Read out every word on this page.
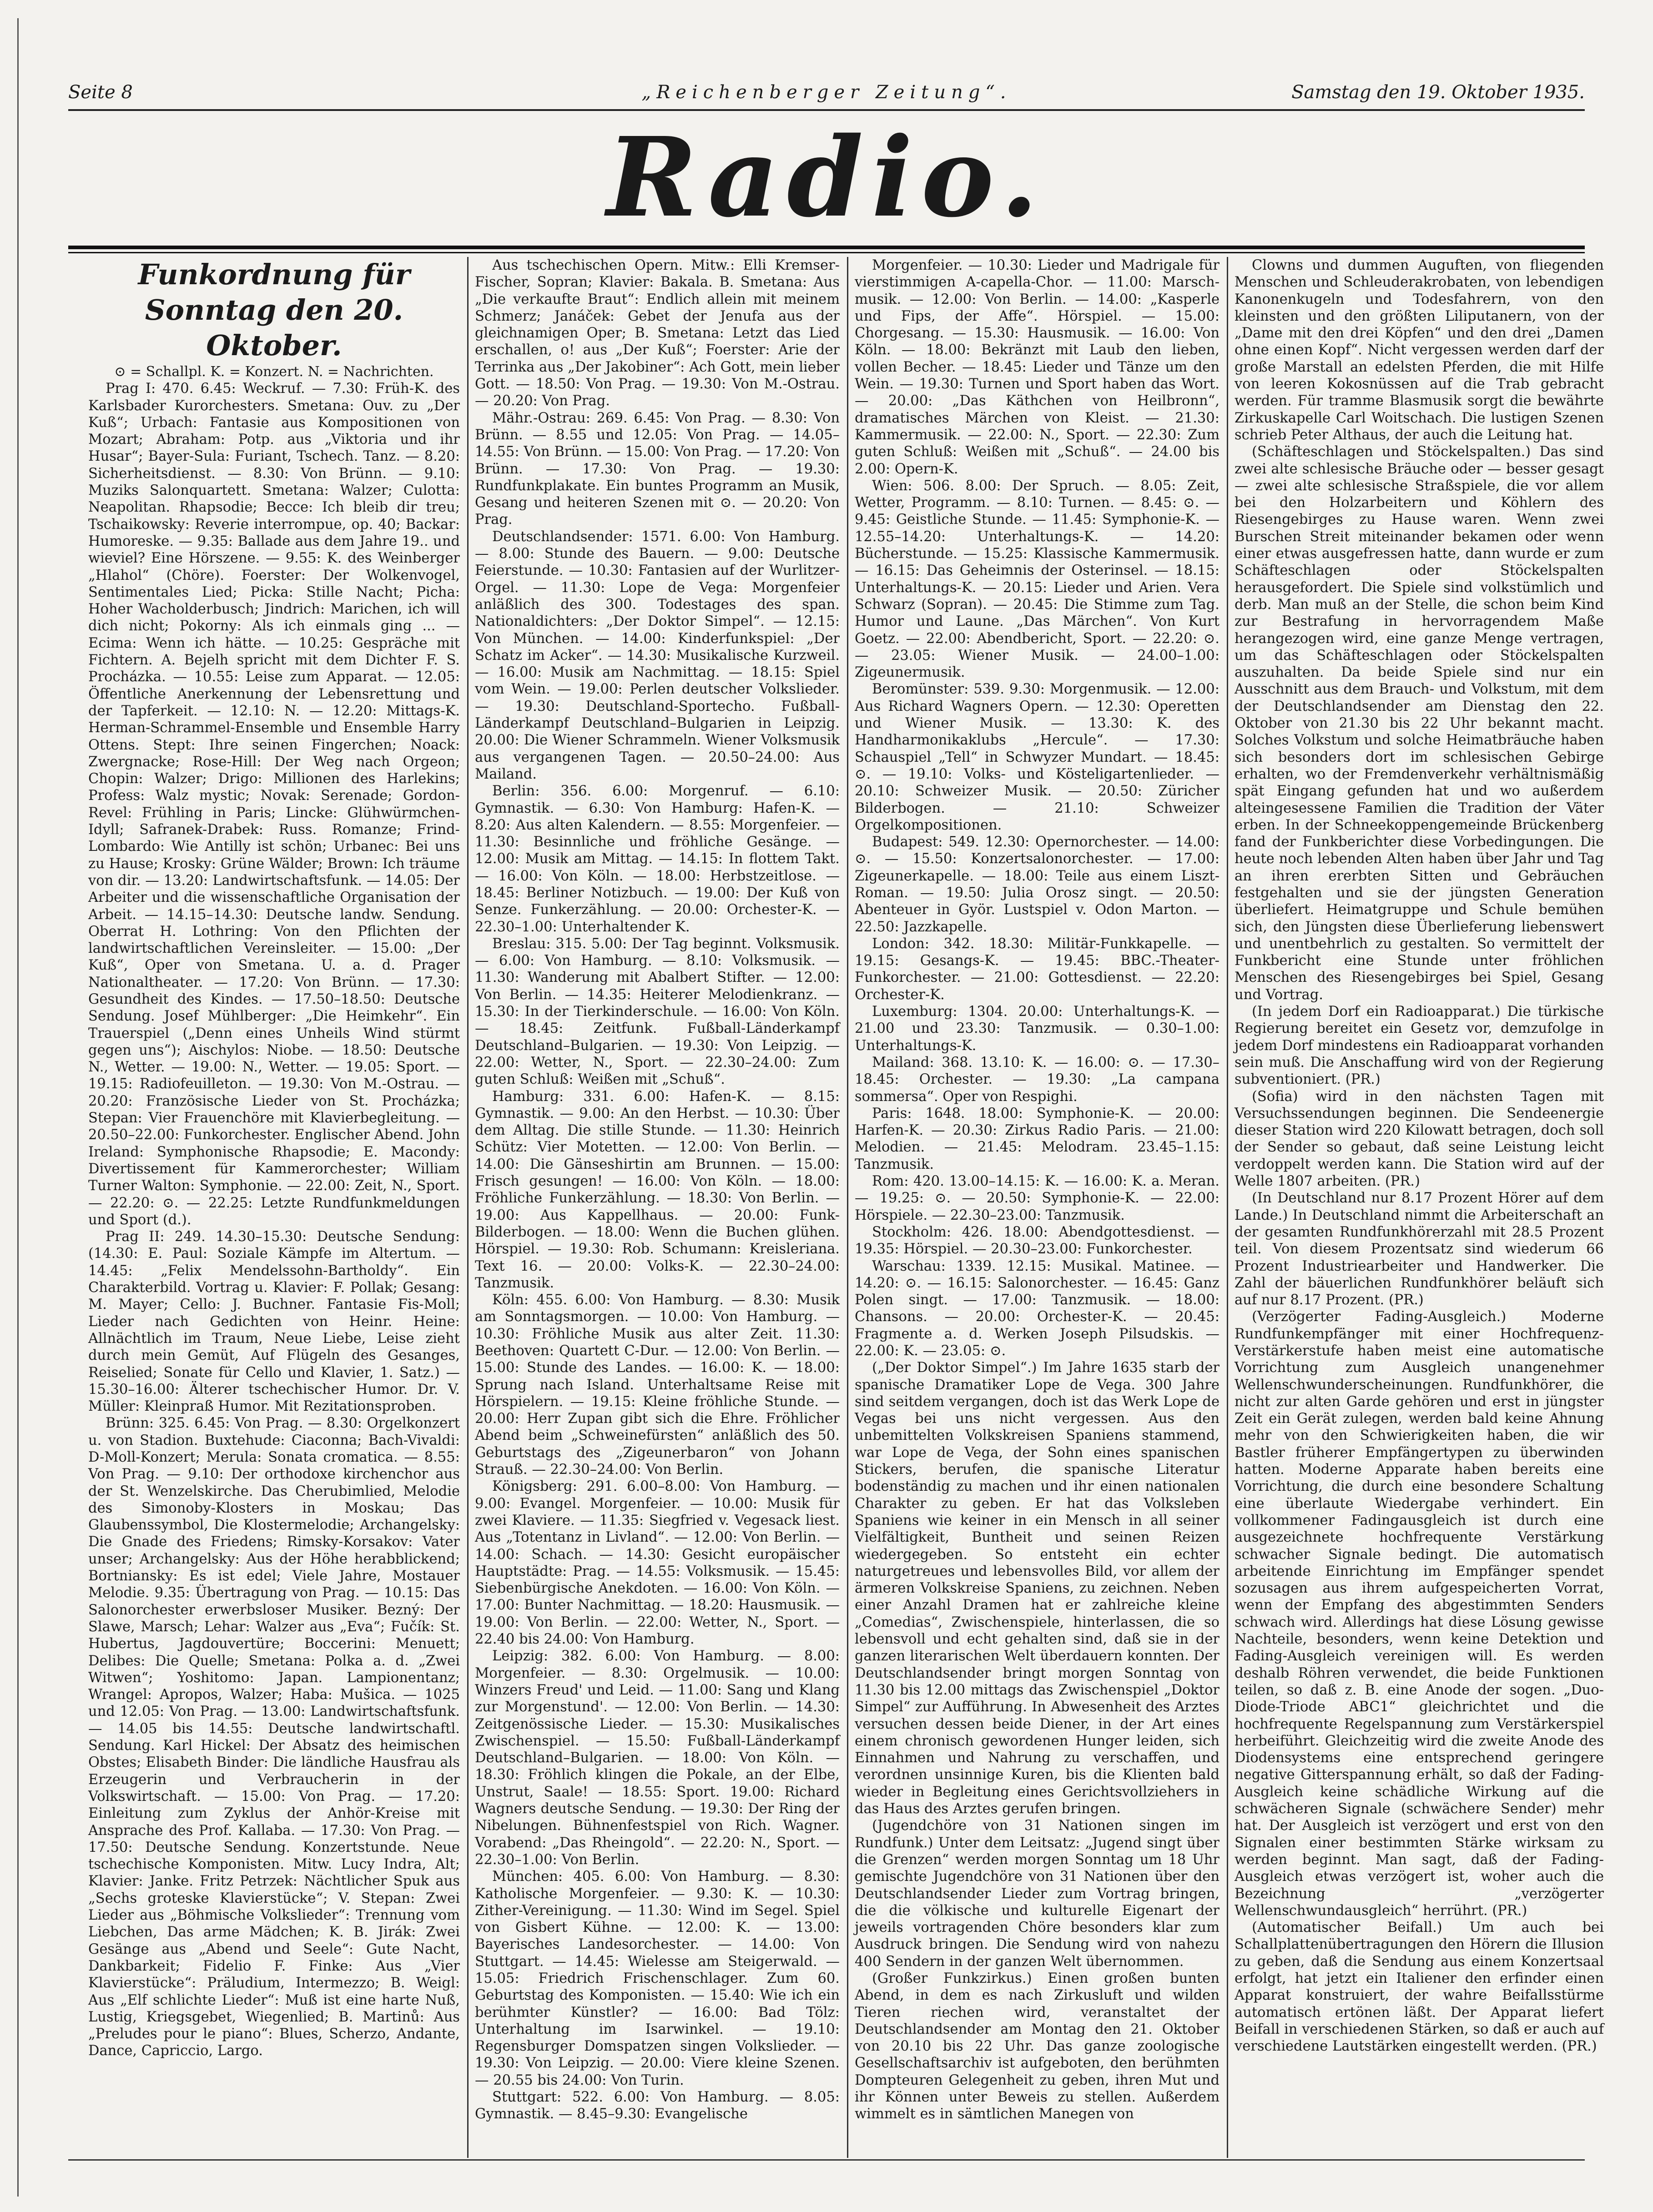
Seite 8	„Reichenberger Zeitung“.	Samstag den 19. Oktober 1935.
Radio.

Funkordnung für Sonntag den 20. Oktober.

⊙ = Schallpl. K. = Konzert. N. = Nachrichten.

Prag I: 470. 6.45: Weckruf. — 7.30: Früh-K. des Karlsbader Kurorchesters. Smetana: Ouv. zu „Der Kuß“; Urbach: Fantasie aus Kompositionen von Mozart; Abraham: Potp. aus „Viktoria und ihr Husar“; Bayer-Sula: Furiant, Tschech. Tanz. — 8.20: Sicherheitsdienst. — 8.30: Von Brünn. — 9.10: Muziks Salonquartett. Smetana: Walzer; Culotta: Neapolitan. Rhapsodie; Becce: Ich bleib dir treu; Tschaikowsky: Reverie interrompue, op. 40; Backar: Humoreske. — 9.35: Ballade aus dem Jahre 19.. und wieviel? Eine Hörszene. — 9.55: K. des Weinberger „Hlahol“ (Chöre). Foerster: Der Wolkenvogel, Sentimentales Lied; Picka: Stille Nacht; Picha: Hoher Wacholderbusch; Jindrich: Marichen, ich will dich nicht; Pokorny: Als ich einmals ging ... — Ecima: Wenn ich hätte. — 10.25: Gespräche mit Fichtern. A. Bejelh spricht mit dem Dichter F. S. Procházka. — 10.55: Leise zum Apparat. — 12.05: Öffentliche Anerkennung der Lebensrettung und der Tapferkeit. — 12.10: N. — 12.20: Mittags-K. Herman-Schrammel-Ensemble und Ensemble Harry Ottens. Stept: Ihre seinen Fingerchen; Noack: Zwergnacke; Rose-Hill: Der Weg nach Orgeon; Chopin: Walzer; Drigo: Millionen des Harlekins; Profess: Walz mystic; Novak: Serenade; Gordon-Revel: Frühling in Paris; Lincke: Glühwürmchen-Idyll; Safranek-Drabek: Russ. Romanze; Frind-Lombardo: Wie Antilly ist schön; Urbanec: Bei uns zu Hause; Krosky: Grüne Wälder; Brown: Ich träume von dir. — 13.20: Landwirtschaftsfunk. — 14.05: Der Arbeiter und die wissenschaftliche Organisation der Arbeit. — 14.15–14.30: Deutsche landw. Sendung. Oberrat H. Lothring: Von den Pflichten der landwirtschaftlichen Vereinsleiter. — 15.00: „Der Kuß“, Oper von Smetana. U. a. d. Prager Nationaltheater. — 17.20: Von Brünn. — 17.30: Gesundheit des Kindes. — 17.50–18.50: Deutsche Sendung. Josef Mühlberger: „Die Heimkehr“. Ein Trauerspiel („Denn eines Unheils Wind stürmt gegen uns“); Aischylos: Niobe. — 18.50: Deutsche N., Wetter. — 19.00: N., Wetter. — 19.05: Sport. — 19.15: Radiofeuilleton. — 19.30: Von M.-Ostrau. — 20.20: Französische Lieder von St. Procházka; Stepan: Vier Frauenchöre mit Klavierbegleitung. — 20.50–22.00: Funkorchester. Englischer Abend. John Ireland: Symphonische Rhapsodie; E. Macondy: Divertissement für Kammerorchester; William Turner Walton: Symphonie. — 22.00: Zeit, N., Sport. — 22.20: ⊙. — 22.25: Letzte Rundfunkmeldungen und Sport (d.).

Prag II: 249. 14.30–15.30: Deutsche Sendung: (14.30: E. Paul: Soziale Kämpfe im Altertum. — 14.45: „Felix Mendelssohn-Bartholdy“. Ein Charakterbild. Vortrag u. Klavier: F. Pollak; Gesang: M. Mayer; Cello: J. Buchner. Fantasie Fis-Moll; Lieder nach Gedichten von Heinr. Heine: Allnächtlich im Traum, Neue Liebe, Leise zieht durch mein Gemüt, Auf Flügeln des Gesanges, Reiselied; Sonate für Cello und Klavier, 1. Satz.) — 15.30–16.00: Älterer tschechischer Humor. Dr. V. Müller: Kleinpraß Humor. Mit Rezitationsproben.

Brünn: 325. 6.45: Von Prag. — 8.30: Orgelkonzert u. von Stadion. Buxtehude: Ciaconna; Bach-Vivaldi: D-Moll-Konzert; Merula: Sonata cromatica. — 8.55: Von Prag. — 9.10: Der orthodoxe kirchenchor aus der St. Wenzelskirche. Das Cherubimlied, Melodie des Simonoby-Klosters in Moskau; Das Glaubenssymbol, Die Klostermelodie; Archangelsky: Die Gnade des Friedens; Rimsky-Korsakov: Vater unser; Archangelsky: Aus der Höhe herabblickend; Bortniansky: Es ist edel; Viele Jahre, Mostauer Melodie. 9.35: Übertragung von Prag. — 10.15: Das Salonorchester erwerbsloser Musiker. Bezný: Der Slawe, Marsch; Lehar: Walzer aus „Eva“; Fučík: St. Hubertus, Jagdouvertüre; Boccerini: Menuett; Delibes: Die Quelle; Smetana: Polka a. d. „Zwei Witwen“; Yoshitomo: Japan. Lampionentanz; Wrangel: Apropos, Walzer; Haba: Mušica. — 1025 und 12.05: Von Prag. — 13.00: Landwirtschaftsfunk. — 14.05 bis 14.55: Deutsche landwirtschaftl. Sendung. Karl Hickel: Der Absatz des heimischen Obstes; Elisabeth Binder: Die ländliche Hausfrau als Erzeugerin und Verbraucherin in der Volkswirtschaft. — 15.00: Von Prag. — 17.20: Einleitung zum Zyklus der Anhör-Kreise mit Ansprache des Prof. Kallaba. — 17.30: Von Prag. — 17.50: Deutsche Sendung. Konzertstunde. Neue tschechische Komponisten. Mitw. Lucy Indra, Alt; Klavier: Janke. Fritz Petrzek: Nächtlicher Spuk aus „Sechs groteske Klavierstücke“; V. Stepan: Zwei Lieder aus „Böhmische Volkslieder“: Trennung vom Liebchen, Das arme Mädchen; K. B. Jirák: Zwei Gesänge aus „Abend und Seele“: Gute Nacht, Dankbarkeit; Fidelio F. Finke: Aus „Vier Klavierstücke“: Präludium, Intermezzo; B. Weigl: Aus „Elf schlichte Lieder“: Muß ist eine harte Nuß, Lustig, Kriegsgebet, Wiegenlied; B. Martinů: Aus „Preludes pour le piano“: Blues, Scherzo, Andante, Dance, Capriccio, Largo.

Aus tschechischen Opern. Mitw.: Elli Kremser-Fischer, Sopran; Klavier: Bakala. B. Smetana: Aus „Die verkaufte Braut“: Endlich allein mit meinem Schmerz; Janáček: Gebet der Jenufa aus der gleichnamigen Oper; B. Smetana: Letzt das Lied erschallen, o! aus „Der Kuß“; Foerster: Arie der Terrinka aus „Der Jakobiner“: Ach Gott, mein lieber Gott. — 18.50: Von Prag. — 19.30: Von M.-Ostrau. — 20.20: Von Prag.

Mähr.-Ostrau: 269. 6.45: Von Prag. — 8.30: Von Brünn. — 8.55 und 12.05: Von Prag. — 14.05–14.55: Von Brünn. — 15.00: Von Prag. — 17.20: Von Brünn. — 17.30: Von Prag. — 19.30: Rundfunkplakate. Ein buntes Programm an Musik, Gesang und heiteren Szenen mit ⊙. — 20.20: Von Prag.

Deutschlandsender: 1571. 6.00: Von Hamburg. — 8.00: Stunde des Bauern. — 9.00: Deutsche Feierstunde. — 10.30: Fantasien auf der Wurlitzer-Orgel. — 11.30: Lope de Vega: Morgenfeier anläßlich des 300. Todestages des span. Nationaldichters: „Der Doktor Simpel“. — 12.15: Von München. — 14.00: Kinderfunkspiel: „Der Schatz im Acker“. — 14.30: Musikalische Kurzweil. — 16.00: Musik am Nachmittag. — 18.15: Spiel vom Wein. — 19.00: Perlen deutscher Volkslieder. — 19.30: Deutschland-Sportecho. Fußball-Länderkampf Deutschland–Bulgarien in Leipzig. 20.00: Die Wiener Schrammeln. Wiener Volksmusik aus vergangenen Tagen. — 20.50–24.00: Aus Mailand.

Berlin: 356. 6.00: Morgenruf. — 6.10: Gymnastik. — 6.30: Von Hamburg: Hafen-K. — 8.20: Aus alten Kalendern. — 8.55: Morgenfeier. — 11.30: Besinnliche und fröhliche Gesänge. — 12.00: Musik am Mittag. — 14.15: In flottem Takt. — 16.00: Von Köln. — 18.00: Herbstzeitlose. — 18.45: Berliner Notizbuch. — 19.00: Der Kuß von Senze. Funkerzählung. — 20.00: Orchester-K. — 22.30–1.00: Unterhaltender K.

Breslau: 315. 5.00: Der Tag beginnt. Volksmusik. — 6.00: Von Hamburg. — 8.10: Volksmusik. — 11.30: Wanderung mit Abalbert Stifter. — 12.00: Von Berlin. — 14.35: Heiterer Melodienkranz. — 15.30: In der Tierkinderschule. — 16.00: Von Köln. — 18.45: Zeitfunk. Fußball-Länderkampf Deutschland–Bulgarien. — 19.30: Von Leipzig. — 22.00: Wetter, N., Sport. — 22.30–24.00: Zum guten Schluß: Weißen mit „Schuß“.

Hamburg: 331. 6.00: Hafen-K. — 8.15: Gymnastik. — 9.00: An den Herbst. — 10.30: Über dem Alltag. Die stille Stunde. — 11.30: Heinrich Schütz: Vier Motetten. — 12.00: Von Berlin. — 14.00: Die Gänseshirtin am Brunnen. — 15.00: Frisch gesungen! — 16.00: Von Köln. — 18.00: Fröhliche Funkerzählung. — 18.30: Von Berlin. — 19.00: Aus Kappellhaus. — 20.00: Funk-Bilderbogen. — 18.00: Wenn die Buchen glühen. Hörspiel. — 19.30: Rob. Schumann: Kreisleriana. Text 16. — 20.00: Volks-K. — 22.30–24.00: Tanzmusik.

Köln: 455. 6.00: Von Hamburg. — 8.30: Musik am Sonntagsmorgen. — 10.00: Von Hamburg. — 10.30: Fröhliche Musik aus alter Zeit. 11.30: Beethoven: Quartett C-Dur. — 12.00: Von Berlin. — 15.00: Stunde des Landes. — 16.00: K. — 18.00: Sprung nach Island. Unterhaltsame Reise mit Hörspielern. — 19.15: Kleine fröhliche Stunde. — 20.00: Herr Zupan gibt sich die Ehre. Fröhlicher Abend beim „Schweinefürsten“ anläßlich des 50. Geburtstags des „Zigeunerbaron“ von Johann Strauß. — 22.30–24.00: Von Berlin.

Königsberg: 291. 6.00–8.00: Von Hamburg. — 9.00: Evangel. Morgenfeier. — 10.00: Musik für zwei Klaviere. — 11.35: Siegfried v. Vegesack liest. Aus „Totentanz in Livland“. — 12.00: Von Berlin. — 14.00: Schach. — 14.30: Gesicht europäischer Hauptstädte: Prag. — 14.55: Volksmusik. — 15.45: Siebenbürgische Anekdoten. — 16.00: Von Köln. — 17.00: Bunter Nachmittag. — 18.20: Hausmusik. — 19.00: Von Berlin. — 22.00: Wetter, N., Sport. — 22.40 bis 24.00: Von Hamburg.

Leipzig: 382. 6.00: Von Hamburg. — 8.00: Morgenfeier. — 8.30: Orgelmusik. — 10.00: Winzers Freud' und Leid. — 11.00: Sang und Klang zur Morgenstund'. — 12.00: Von Berlin. — 14.30: Zeitgenössische Lieder. — 15.30: Musikalisches Zwischenspiel. — 15.50: Fußball-Länderkampf Deutschland–Bulgarien. — 18.00: Von Köln. — 18.30: Fröhlich klingen die Pokale, an der Elbe, Unstrut, Saale! — 18.55: Sport. 19.00: Richard Wagners deutsche Sendung. — 19.30: Der Ring der Nibelungen. Bühnenfestspiel von Rich. Wagner. Vorabend: „Das Rheingold“. — 22.20: N., Sport. — 22.30–1.00: Von Berlin.

München: 405. 6.00: Von Hamburg. — 8.30: Katholische Morgenfeier. — 9.30: K. — 10.30: Zither-Vereinigung. — 11.30: Wind im Segel. Spiel von Gisbert Kühne. — 12.00: K. — 13.00: Bayerisches Landesorchester. — 14.00: Von Stuttgart. — 14.45: Wielesse am Steigerwald. — 15.05: Friedrich Frischenschlager. Zum 60. Geburtstag des Komponisten. — 15.40: Wie ich ein berühmter Künstler? — 16.00: Bad Tölz: Unterhaltung im Isarwinkel. — 19.10: Regensburger Domspatzen singen Volkslieder. — 19.30: Von Leipzig. — 20.00: Viere kleine Szenen. — 20.55 bis 24.00: Von Turin.

Stuttgart: 522. 6.00: Von Hamburg. — 8.05: Gymnastik. — 8.45–9.30: Evangelische

Morgenfeier. — 10.30: Lieder und Madrigale für vierstimmigen A-capella-Chor. — 11.00: Marsch-musik. — 12.00: Von Berlin. — 14.00: „Kasperle und Fips, der Affe“. Hörspiel. — 15.00: Chorgesang. — 15.30: Hausmusik. — 16.00: Von Köln. — 18.00: Bekränzt mit Laub den lieben, vollen Becher. — 18.45: Lieder und Tänze um den Wein. — 19.30: Turnen und Sport haben das Wort. — 20.00: „Das Käthchen von Heilbronn“, dramatisches Märchen von Kleist. — 21.30: Kammermusik. — 22.00: N., Sport. — 22.30: Zum guten Schluß: Weißen mit „Schuß“. — 24.00 bis 2.00: Opern-K.

Wien: 506. 8.00: Der Spruch. — 8.05: Zeit, Wetter, Programm. — 8.10: Turnen. — 8.45: ⊙. — 9.45: Geistliche Stunde. — 11.45: Symphonie-K. — 12.55–14.20: Unterhaltungs-K. — 14.20: Bücherstunde. — 15.25: Klassische Kammermusik. — 16.15: Das Geheimnis der Osterinsel. — 18.15: Unterhaltungs-K. — 20.15: Lieder und Arien. Vera Schwarz (Sopran). — 20.45: Die Stimme zum Tag. Humor und Laune. „Das Märchen“. Von Kurt Goetz. — 22.00: Abendbericht, Sport. — 22.20: ⊙. — 23.05: Wiener Musik. — 24.00–1.00: Zigeunermusik.

Beromünster: 539. 9.30: Morgenmusik. — 12.00: Aus Richard Wagners Opern. — 12.30: Operetten und Wiener Musik. — 13.30: K. des Handharmonikaklubs „Hercule“. — 17.30: Schauspiel „Tell“ in Schwyzer Mundart. — 18.45: ⊙. — 19.10: Volks- und Kösteligartenlieder. — 20.10: Schweizer Musik. — 20.50: Züricher Bilderbogen. — 21.10: Schweizer Orgelkompositionen.

Budapest: 549. 12.30: Opernorchester. — 14.00: ⊙. — 15.50: Konzertsalonorchester. — 17.00: Zigeunerkapelle. — 18.00: Teile aus einem Liszt-Roman. — 19.50: Julia Orosz singt. — 20.50: Abenteuer in Györ. Lustspiel v. Odon Marton. — 22.50: Jazzkapelle.

London: 342. 18.30: Militär-Funkkapelle. — 19.15: Gesangs-K. — 19.45: BBC.-Theater-Funkorchester. — 21.00: Gottesdienst. — 22.20: Orchester-K.

Luxemburg: 1304. 20.00: Unterhaltungs-K. — 21.00 und 23.30: Tanzmusik. — 0.30–1.00: Unterhaltungs-K.

Mailand: 368. 13.10: K. — 16.00: ⊙. — 17.30–18.45: Orchester. — 19.30: „La campana sommersa“. Oper von Respighi.

Paris: 1648. 18.00: Symphonie-K. — 20.00: Harfen-K. — 20.30: Zirkus Radio Paris. — 21.00: Melodien. — 21.45: Melodram. 23.45–1.15: Tanzmusik.

Rom: 420. 13.00–14.15: K. — 16.00: K. a. Meran. — 19.25: ⊙. — 20.50: Symphonie-K. — 22.00: Hörspiele. — 22.30–23.00: Tanzmusik.

Stockholm: 426. 18.00: Abendgottesdienst. — 19.35: Hörspiel. — 20.30–23.00: Funkorchester.

Warschau: 1339. 12.15: Musikal. Matinee. — 14.20: ⊙. — 16.15: Salonorchester. — 16.45: Ganz Polen singt. — 17.00: Tanzmusik. — 18.00: Chansons. — 20.00: Orchester-K. — 20.45: Fragmente a. d. Werken Joseph Pilsudskis. — 22.00: K. — 23.05: ⊙.

(„Der Doktor Simpel“.) Im Jahre 1635 starb der spanische Dramatiker Lope de Vega. 300 Jahre sind seitdem vergangen, doch ist das Werk Lope de Vegas bei uns nicht vergessen. Aus den unbemittelten Volkskreisen Spaniens stammend, war Lope de Vega, der Sohn eines spanischen Stickers, berufen, die spanische Literatur bodenständig zu machen und ihr einen nationalen Charakter zu geben. Er hat das Volksleben Spaniens wie keiner in ein Mensch in all seiner Vielfältigkeit, Buntheit und seinen Reizen wiedergegeben. So entsteht ein echter naturgetreues und lebensvolles Bild, vor allem der ärmeren Volkskreise Spaniens, zu zeichnen. Neben einer Anzahl Dramen hat er zahlreiche kleine „Comedias“, Zwischenspiele, hinterlassen, die so lebensvoll und echt gehalten sind, daß sie in der ganzen literarischen Welt überdauern konnten. Der Deutschlandsender bringt morgen Sonntag von 11.30 bis 12.00 mittags das Zwischenspiel „Doktor Simpel“ zur Aufführung. In Abwesenheit des Arztes versuchen dessen beide Diener, in der Art eines einem chronisch gewordenen Hunger leiden, sich Einnahmen und Nahrung zu verschaffen, und verordnen unsinnige Kuren, bis die Klienten bald wieder in Begleitung eines Gerichtsvollziehers in das Haus des Arztes gerufen bringen.

(Jugendchöre von 31 Nationen singen im Rundfunk.) Unter dem Leitsatz: „Jugend singt über die Grenzen“ werden morgen Sonntag um 18 Uhr gemischte Jugendchöre von 31 Nationen über den Deutschlandsender Lieder zum Vortrag bringen, die die völkische und kulturelle Eigenart der jeweils vortragenden Chöre besonders klar zum Ausdruck bringen. Die Sendung wird von nahezu 400 Sendern in der ganzen Welt übernommen.

(Großer Funkzirkus.) Einen großen bunten Abend, in dem es nach Zirkusluft und wilden Tieren riechen wird, veranstaltet der Deutschlandsender am Montag den 21. Oktober von 20.10 bis 22 Uhr. Das ganze zoologische Gesellschaftsarchiv ist aufgeboten, den berühmten Dompteuren Gelegenheit zu geben, ihren Mut und ihr Können unter Beweis zu stellen. Außerdem wimmelt es in sämtlichen Manegen von

Clowns und dummen Auguften, von fliegenden Menschen und Schleuderakrobaten, von lebendigen Kanonenkugeln und Todesfahrern, von den kleinsten und den größten Liliputanern, von der „Dame mit den drei Köpfen“ und den drei „Damen ohne einen Kopf“. Nicht vergessen werden darf der große Marstall an edelsten Pferden, die mit Hilfe von leeren Kokosnüssen auf die Trab gebracht werden. Für tramme Blasmusik sorgt die bewährte Zirkuskapelle Carl Woitschach. Die lustigen Szenen schrieb Peter Althaus, der auch die Leitung hat.

(Schäfteschlagen und Stöckelspalten.) Das sind zwei alte schlesische Bräuche oder — besser gesagt — zwei alte schlesische Straßspiele, die vor allem bei den Holzarbeitern und Köhlern des Riesengebirges zu Hause waren. Wenn zwei Burschen Streit miteinander bekamen oder wenn einer etwas ausgefressen hatte, dann wurde er zum Schäfteschlagen oder Stöckelspalten herausgefordert. Die Spiele sind volkstümlich und derb. Man muß an der Stelle, die schon beim Kind zur Bestrafung in hervorragendem Maße herangezogen wird, eine ganze Menge vertragen, um das Schäfteschlagen oder Stöckelspalten auszuhalten. Da beide Spiele sind nur ein Ausschnitt aus dem Brauch- und Volkstum, mit dem der Deutschlandsender am Dienstag den 22. Oktober von 21.30 bis 22 Uhr bekannt macht. Solches Volkstum und solche Heimatbräuche haben sich besonders dort im schlesischen Gebirge erhalten, wo der Fremdenverkehr verhältnismäßig spät Eingang gefunden hat und wo außerdem alteingesessene Familien die Tradition der Väter erben. In der Schneekoppengemeinde Brückenberg fand der Funkberichter diese Vorbedingungen. Die heute noch lebenden Alten haben über Jahr und Tag an ihren ererbten Sitten und Gebräuchen festgehalten und sie der jüngsten Generation überliefert. Heimatgruppe und Schule bemühen sich, den Jüngsten diese Überlieferung liebenswert und unentbehrlich zu gestalten. So vermittelt der Funkbericht eine Stunde unter fröhlichen Menschen des Riesengebirges bei Spiel, Gesang und Vortrag.

(In jedem Dorf ein Radioapparat.) Die türkische Regierung bereitet ein Gesetz vor, demzufolge in jedem Dorf mindestens ein Radioapparat vorhanden sein muß. Die Anschaffung wird von der Regierung subventioniert. (PR.)

(Sofia) wird in den nächsten Tagen mit Versuchssendungen beginnen. Die Sendeenergie dieser Station wird 220 Kilowatt betragen, doch soll der Sender so gebaut, daß seine Leistung leicht verdoppelt werden kann. Die Station wird auf der Welle 1807 arbeiten. (PR.)

(In Deutschland nur 8.17 Prozent Hörer auf dem Lande.) In Deutschland nimmt die Arbeiterschaft an der gesamten Rundfunkhörerzahl mit 28.5 Prozent teil. Von diesem Prozentsatz sind wiederum 66 Prozent Industriearbeiter und Handwerker. Die Zahl der bäuerlichen Rundfunkhörer beläuft sich auf nur 8.17 Prozent. (PR.)

(Verzögerter Fading-Ausgleich.) Moderne Rundfunkempfänger mit einer Hochfrequenz-Verstärkerstufe haben meist eine automatische Vorrichtung zum Ausgleich unangenehmer Wellenschwunderscheinungen. Rundfunkhörer, die nicht zur alten Garde gehören und erst in jüngster Zeit ein Gerät zulegen, werden bald keine Ahnung mehr von den Schwierigkeiten haben, die wir Bastler früherer Empfängertypen zu überwinden hatten. Moderne Apparate haben bereits eine Vorrichtung, die durch eine besondere Schaltung eine überlaute Wiedergabe verhindert. Ein vollkommener Fadingausgleich ist durch eine ausgezeichnete hochfrequente Verstärkung schwacher Signale bedingt. Die automatisch arbeitende Einrichtung im Empfänger spendet sozusagen aus ihrem aufgespeicherten Vorrat, wenn der Empfang des abgestimmten Senders schwach wird. Allerdings hat diese Lösung gewisse Nachteile, besonders, wenn keine Detektion und Fading-Ausgleich vereinigen will. Es werden deshalb Röhren verwendet, die beide Funktionen teilen, so daß z. B. eine Anode der sogen. „Duo-Diode-Triode ABC1“ gleichrichtet und die hochfrequente Regelspannung zum Verstärkerspiel herbeiführt. Gleichzeitig wird die zweite Anode des Diodensystems eine entsprechend geringere negative Gitterspannung erhält, so daß der Fading-Ausgleich keine schädliche Wirkung auf die schwächeren Signale (schwächere Sender) mehr hat. Der Ausgleich ist verzögert und erst von den Signalen einer bestimmten Stärke wirksam zu werden beginnt. Man sagt, daß der Fading-Ausgleich etwas verzögert ist, woher auch die Bezeichnung „verzögerter Wellenschwundausgleich“ herrührt. (PR.)

(Automatischer Beifall.) Um auch bei Schallplattenübertragungen den Hörern die Illusion zu geben, daß die Sendung aus einem Konzertsaal erfolgt, hat jetzt ein Italiener den erfinder einen Apparat konstruiert, der wahre Beifallsstürme automatisch ertönen läßt. Der Apparat liefert Beifall in verschiedenen Stärken, so daß er auch auf verschiedene Lautstärken eingestellt werden. (PR.)
